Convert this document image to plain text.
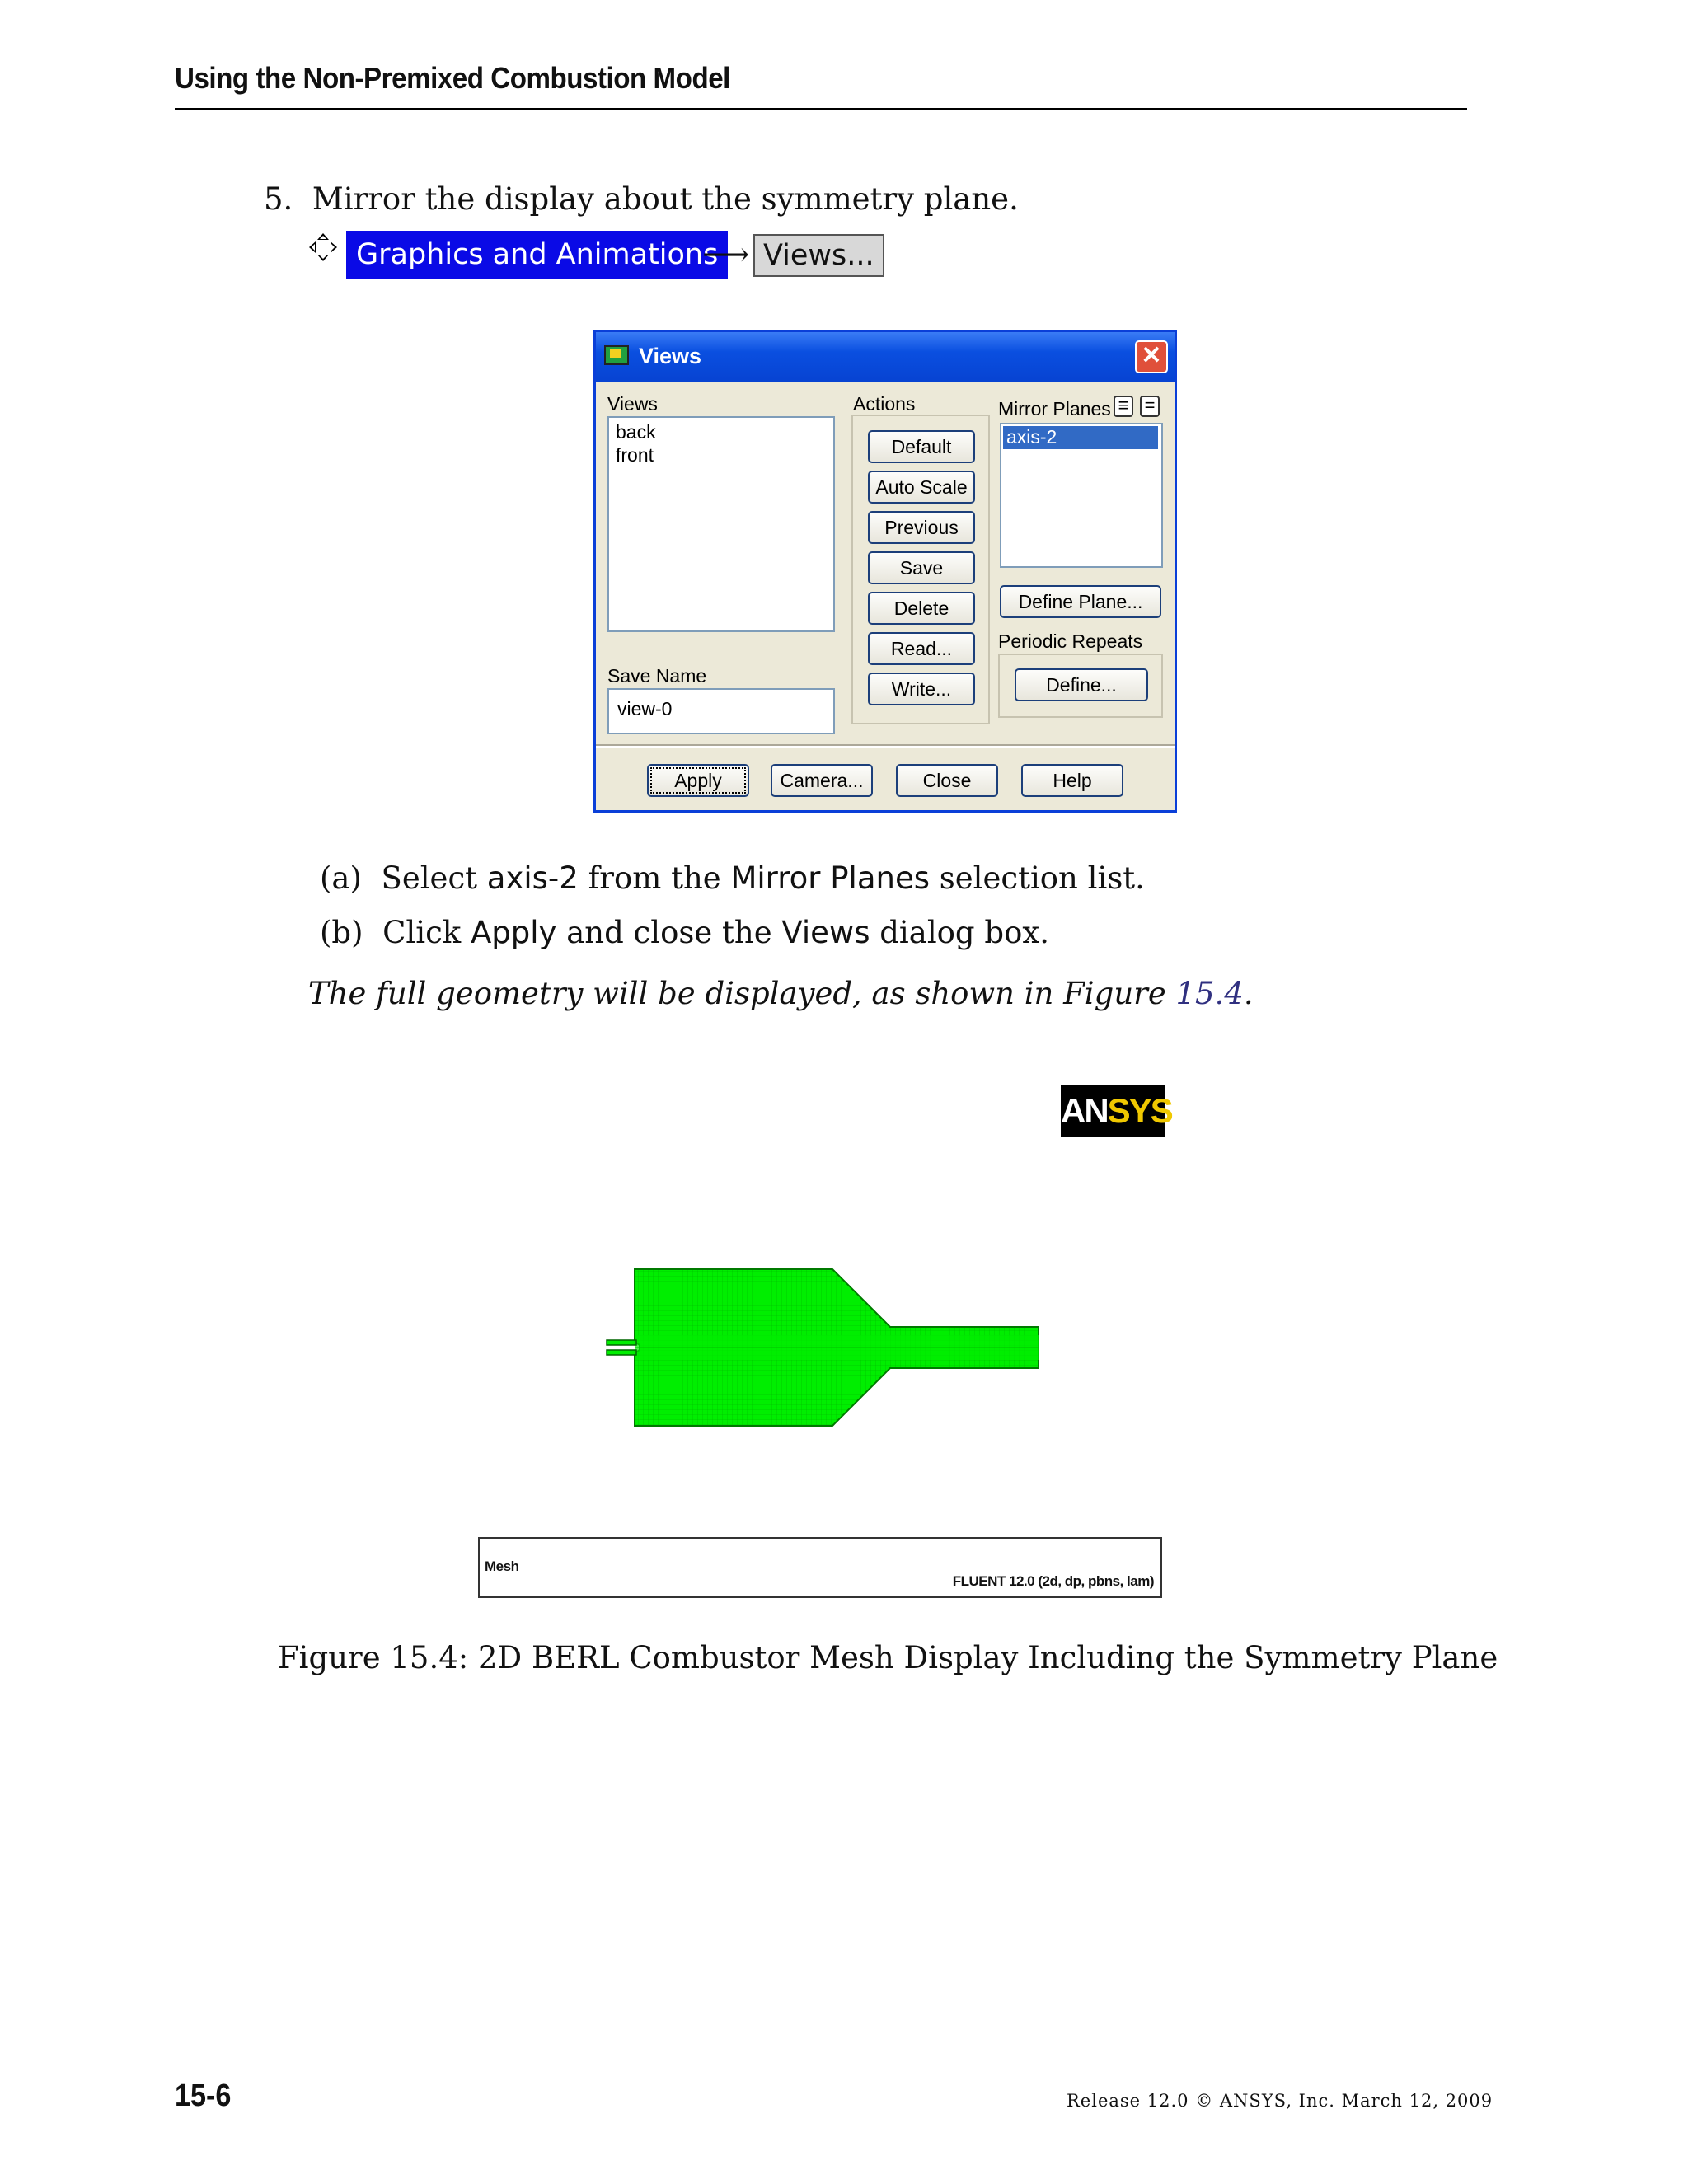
Using the Non-Premixed Combustion Model
5. Mirror the display about the symmetry plane.
Graphics and Animations
⟶ Views...
Views	✕
Views
back
front
Save Name
view-0
Actions
Default
Auto Scale
Previous
Save
Delete
Read...
Write...
Mirror Planes ≡ =
axis-2
Define Plane...
Periodic Repeats
Define...
Apply	Camera...	Close	Help
(a) Select axis-2 from the Mirror Planes selection list.
(b) Click Apply and close the Views dialog box.
The full geometry will be displayed, as shown in Figure 15.4.
ANSYS
Mesh
FLUENT 12.0 (2d, dp, pbns, lam)
Figure 15.4: 2D BERL Combustor Mesh Display Including the Symmetry Plane
15-6	Release 12.0 © ANSYS, Inc. March 12, 2009
